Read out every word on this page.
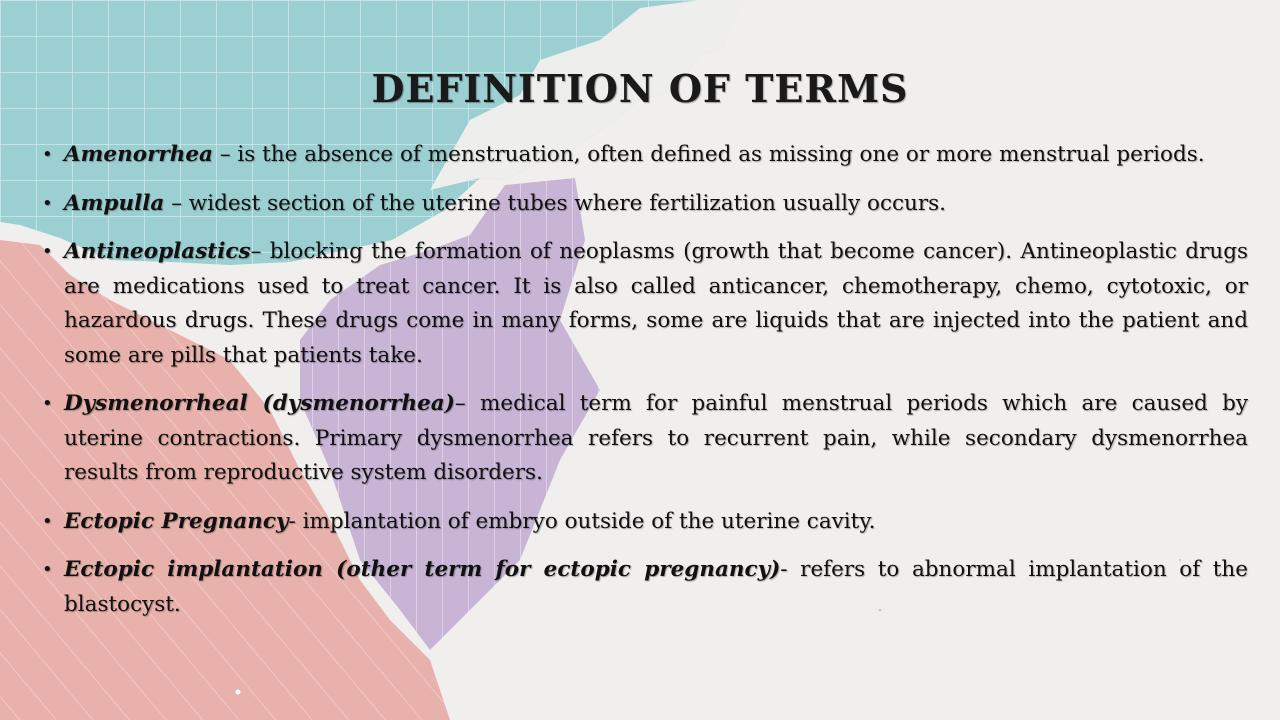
DEFINITION OF TERMS
• Amenorrhea – is the absence of menstruation, often defined as missing one or more menstrual periods.
• Ampulla – widest section of the uterine tubes where fertilization usually occurs.
• Antineoplastics– blocking the formation of neoplasms (growth that become cancer). Antineoplastic drugs are medications used to treat cancer. It is also called anticancer, chemotherapy, chemo, cytotoxic, or hazardous drugs. These drugs come in many forms, some are liquids that are injected into the patient and some are pills that patients take.
• Dysmenorrheal (dysmenorrhea)– medical term for painful menstrual periods which are caused by uterine contractions. Primary dysmenorrhea refers to recurrent pain, while secondary dysmenorrhea results from reproductive system disorders.
• Ectopic Pregnancy- implantation of embryo outside of the uterine cavity.
• Ectopic implantation (other term for ectopic pregnancy)- refers to abnormal implantation of the blastocyst.
